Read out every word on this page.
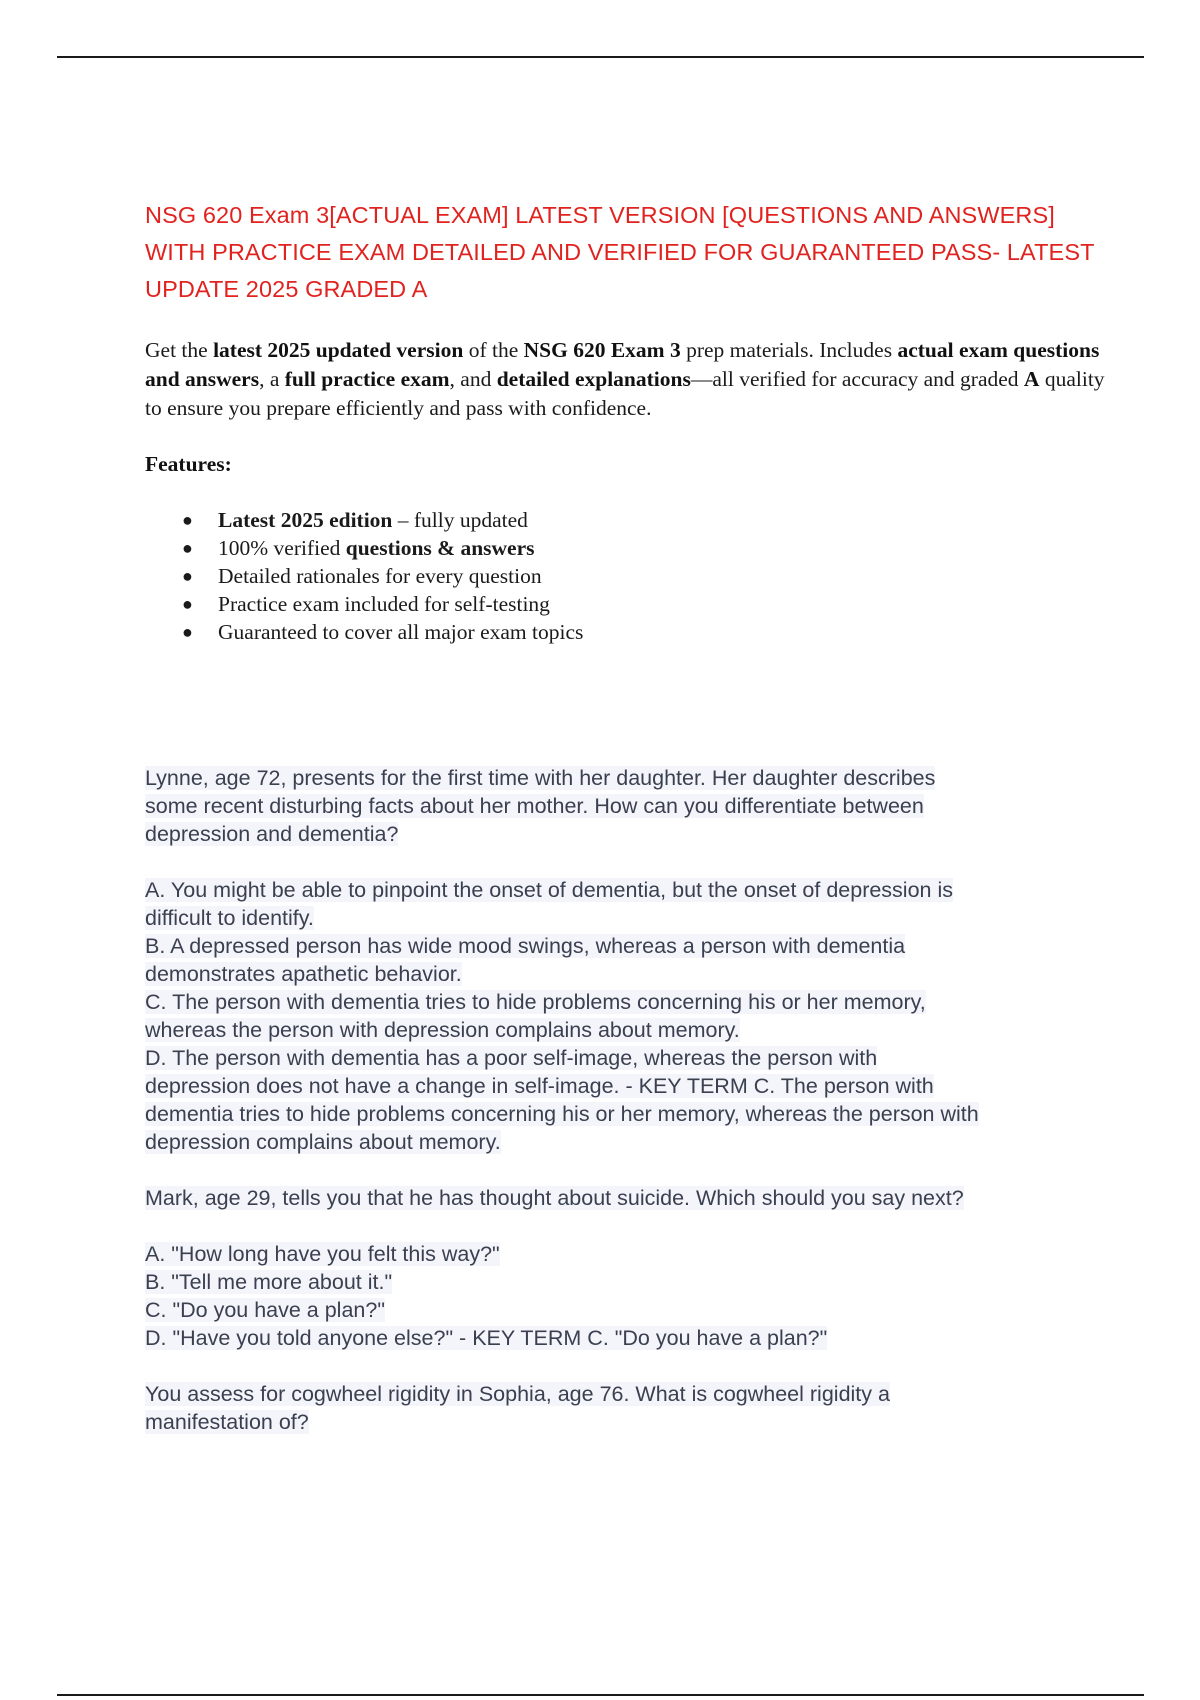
NSG 620 Exam 3[ACTUAL EXAM] LATEST VERSION [QUESTIONS AND ANSWERS]
WITH PRACTICE EXAM DETAILED AND VERIFIED FOR GUARANTEED PASS- LATEST
UPDATE 2025 GRADED A
Get the latest 2025 updated version of the NSG 620 Exam 3 prep materials. Includes actual exam questions and answers, a full practice exam, and detailed explanations—all verified for accuracy and graded A quality to ensure you prepare efficiently and pass with confidence.
Features:
● Latest 2025 edition – fully updated
● 100% verified questions & answers
● Detailed rationales for every question
● Practice exam included for self-testing
● Guaranteed to cover all major exam topics

Lynne, age 72, presents for the first time with her daughter. Her daughter describes
some recent disturbing facts about her mother. How can you differentiate between
depression and dementia?

A. You might be able to pinpoint the onset of dementia, but the onset of depression is
difficult to identify.
B. A depressed person has wide mood swings, whereas a person with dementia
demonstrates apathetic behavior.
C. The person with dementia tries to hide problems concerning his or her memory,
whereas the person with depression complains about memory.
D. The person with dementia has a poor self-image, whereas the person with
depression does not have a change in self-image. - KEY TERM C. The person with
dementia tries to hide problems concerning his or her memory, whereas the person with
depression complains about memory.

Mark, age 29, tells you that he has thought about suicide. Which should you say next?

A. "How long have you felt this way?"
B. "Tell me more about it."
C. "Do you have a plan?"
D. "Have you told anyone else?" - KEY TERM C. "Do you have a plan?"

You assess for cogwheel rigidity in Sophia, age 76. What is cogwheel rigidity a
manifestation of?
